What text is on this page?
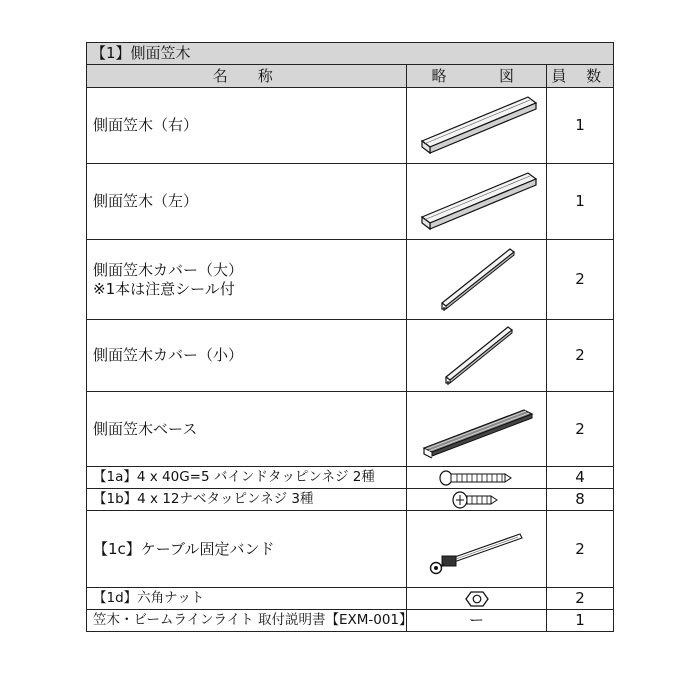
【1】側面笠木		
名　称	略　　図	員 数
側面笠木（右）		1
側面笠木（左）		1

側面笠木カバー（大）
※1本は注意シール付		2
側面笠木カバー（小）		2
側面笠木ベース		2
【1a】4 x 40G=5 バインドタッピンネジ 2種		4
【1b】4 x 12ナベタッピンネジ 3種		8
【1c】ケーブル固定バンド		2
【1d】六角ナット		2
笠木・ビームラインライト 取付説明書【EXM-001】	ー	1
